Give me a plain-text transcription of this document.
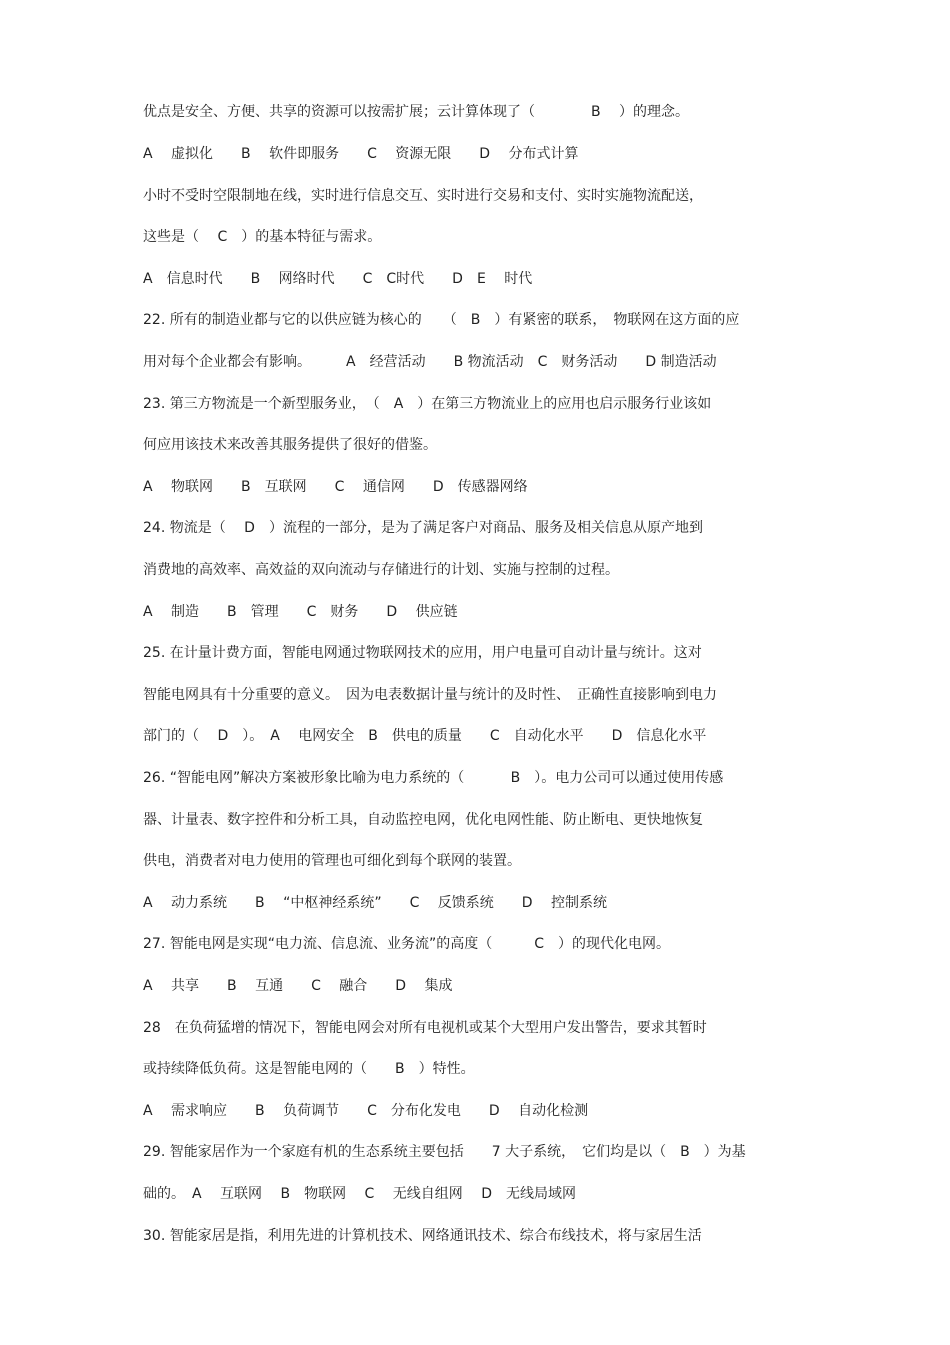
优点是安全、方便、共享的资源可以按需扩展；云计算体现了（　　　　B　 ）的理念。
A　 虚拟化　　B　 软件即服务　　C　 资源无限　　D　 分布式计算
小时不受时空限制地在线，实时进行信息交互、实时进行交易和支付、实时实施物流配送，
这些是（　 C　）的基本特征与需求。
A　信息时代　　B　 网络时代　　C　C时代　　D　E　 时代
22. 所有的制造业都与它的以供应链为核心的　　（　B　）有紧密的联系，　物联网在这方面的应
用对每个企业都会有影响。　　　A　经营活动　　B 物流活动　C　财务活动　　D 制造活动
23. 第三方物流是一个新型服务业，　（　A　）在第三方物流业上的应用也启示服务行业该如
何应用该技术来改善其服务提供了很好的借鉴。
A　 物联网　　B　互联网　　C　 通信网　　D　传感器网络
24. 物流是（　 D　）流程的一部分，是为了满足客户对商品、服务及相关信息从原产地到
消费地的高效率、高效益的双向流动与存储进行的计划、实施与控制的过程。
A　 制造　　B　管理　　C　财务　　D　 供应链
25. 在计量计费方面，智能电网通过物联网技术的应用，用户电量可自动计量与统计。这对
智能电网具有十分重要的意义。　因为电表数据计量与统计的及时性、　正确性直接影响到电力
部门的（　 D　）。　A　 电网安全　B　供电的质量　　C　自动化水平　　D　信息化水平
26. “智能电网”解决方案被形象比喻为电力系统的（　　　 B　）。电力公司可以通过使用传感
器、计量表、数字控件和分析工具，自动监控电网，优化电网性能、防止断电、更快地恢复
供电，消费者对电力使用的管理也可细化到每个联网的装置。
A　 动力系统　　B　 “中枢神经系统”　　C　 反馈系统　　D　 控制系统
27. 智能电网是实现“电力流、信息流、业务流”的高度（　　　C　）的现代化电网。
A　 共享　　B　 互通　　C　 融合　　D　 集成
28　在负荷猛增的情况下，智能电网会对所有电视机或某个大型用户发出警告，要求其暂时
或持续降低负荷。这是智能电网的（　　B　）特性。
A　 需求响应　　B　 负荷调节　　C　分布化发电　　D　 自动化检测
29. 智能家居作为一个家庭有机的生态系统主要包括　　7 大子系统，　它们均是以（　B　）为基
础的。　A　 互联网　 B　物联网　 C　 无线自组网　 D　无线局域网
30. 智能家居是指，利用先进的计算机技术、网络通讯技术、综合布线技术，将与家居生活
